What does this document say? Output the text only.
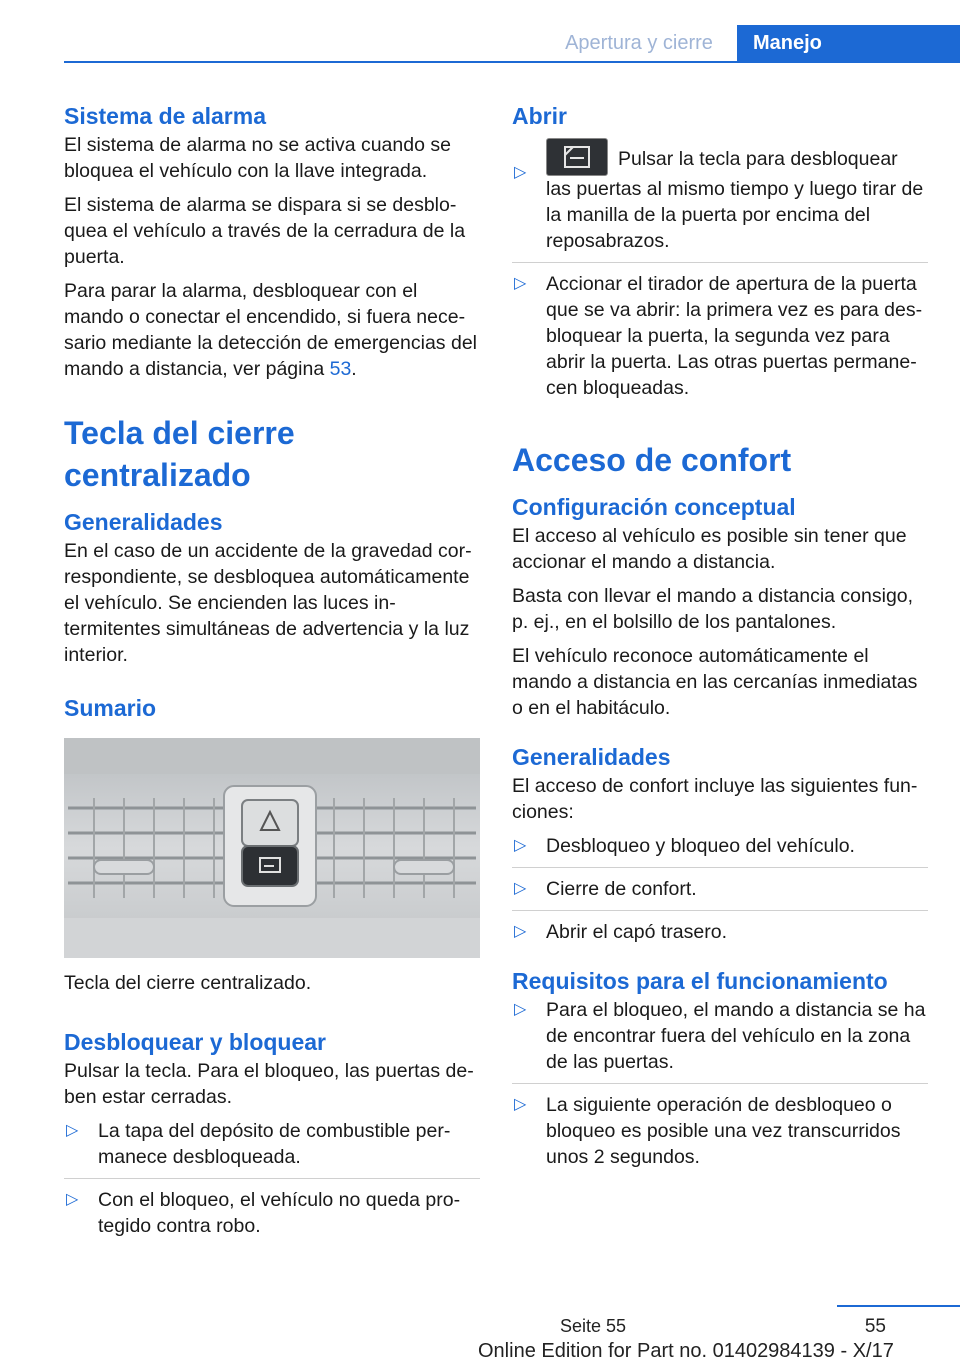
Apertura y cierre	Manejo
Sistema de alarma

El sistema de alarma no se activa cuando se bloquea el vehículo con la llave integrada.

El sistema de alarma se dispara si se desbloquea el vehículo a través de la cerradura de la puerta.

Para parar la alarma, desbloquear con el mando o conectar el encendido, si fuera necesario mediante la detección de emergencias del mando a distancia, ver página 53.

Tecla del cierre centralizado
Generalidades

En el caso de un accidente de la gravedad correspondiente, se desbloquea automáticamente el vehículo. Se encienden las luces intermitentes simultáneas de advertencia y la luz interior.

Sumario

Tecla del cierre centralizado.

Desbloquear y bloquear

Pulsar la tecla. Para el bloqueo, las puertas deben estar cerradas.

▷ La tapa del depósito de combustible permanece desbloqueada.
▷ Con el bloqueo, el vehículo no queda protegido contra robo.
Abrir
▷
Pulsar la tecla para desbloquear las puertas al mismo tiempo y luego tirar de la manilla de la puerta por encima del reposabrazos.
▷ Accionar el tirador de apertura de la puerta que se va abrir: la primera vez es para desbloquear la puerta, la segunda vez para abrir la puerta. Las otras puertas permanecen bloqueadas.
Acceso de confort
Configuración conceptual

El acceso al vehículo es posible sin tener que accionar el mando a distancia.

Basta con llevar el mando a distancia consigo, p. ej., en el bolsillo de los pantalones.

El vehículo reconoce automáticamente el mando a distancia en las cercanías inmediatas o en el habitáculo.

Generalidades

El acceso de confort incluye las siguientes funciones:

▷ Desbloqueo y bloqueo del vehículo.
▷ Cierre de confort.
▷ Abrir el capó trasero.
Requisitos para el funcionamiento
▷ Para el bloqueo, el mando a distancia se ha de encontrar fuera del vehículo en la zona de las puertas.
▷ La siguiente operación de desbloqueo o bloqueo es posible una vez transcurridos unos 2 segundos.
55
Seite 55
Online Edition for Part no. 01402984139 - X/17
